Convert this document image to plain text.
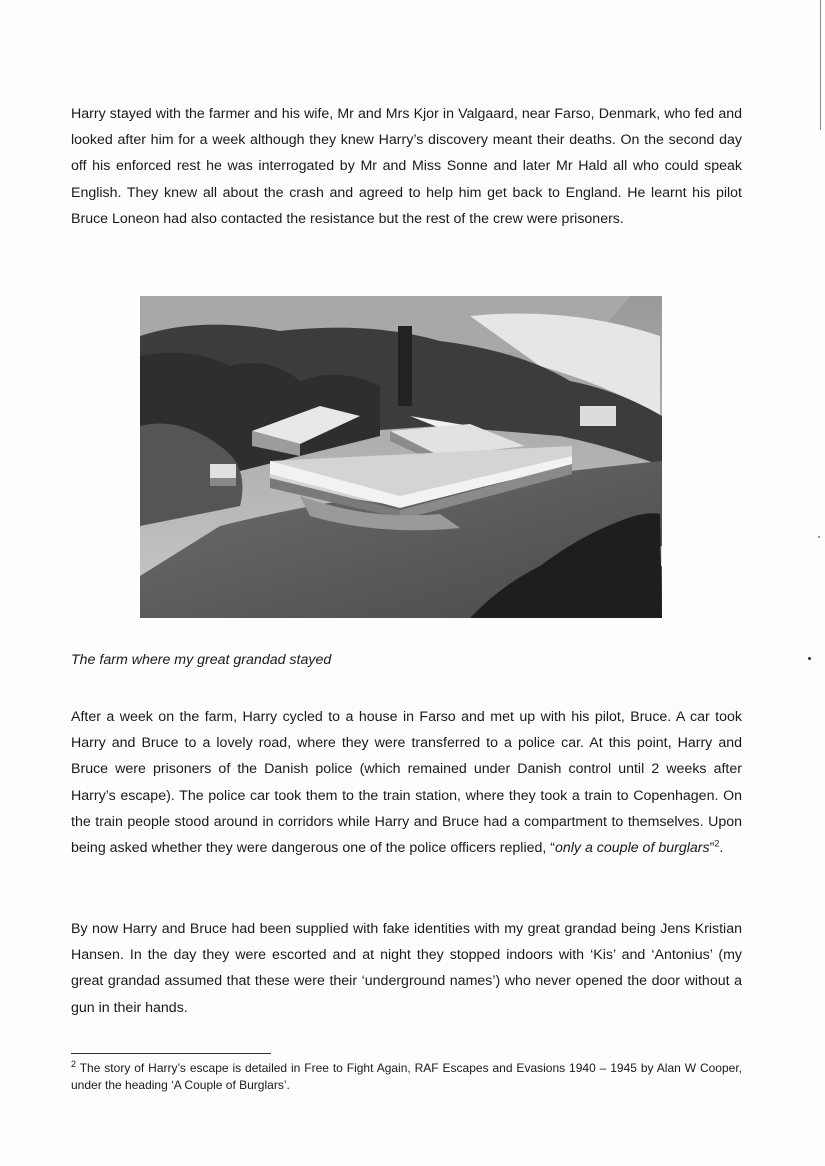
Harry stayed with the farmer and his wife, Mr and Mrs Kjor in Valgaard, near Farso, Denmark, who fed and looked after him for a week although they knew Harry’s discovery meant their deaths. On the second day off his enforced rest he was interrogated by Mr and Miss Sonne and later Mr Hald all who could speak English. They knew all about the crash and agreed to help him get back to England. He learnt his pilot Bruce Loneon had also contacted the resistance but the rest of the crew were prisoners.

The farm where my great grandad stayed

After a week on the farm, Harry cycled to a house in Farso and met up with his pilot, Bruce. A car took Harry and Bruce to a lovely road, where they were transferred to a police car. At this point, Harry and Bruce were prisoners of the Danish police (which remained under Danish control until 2 weeks after Harry’s escape). The police car took them to the train station, where they took a train to Copenhagen. On the train people stood around in corridors while Harry and Bruce had a compartment to themselves. Upon being asked whether they were dangerous one of the police officers replied, “only a couple of burglars”$^2$.

By now Harry and Bruce had been supplied with fake identities with my great grandad being Jens Kristian Hansen. In the day they were escorted and at night they stopped indoors with ‘Kis’ and ‘Antonius’ (my great grandad assumed that these were their ‘underground names’) who never opened the door without a gun in their hands.

$^2$ The story of Harry’s escape is detailed in Free to Fight Again, RAF Escapes and Evasions 1940 – 1945 by Alan W Cooper, under the heading ‘A Couple of Burglars’.
